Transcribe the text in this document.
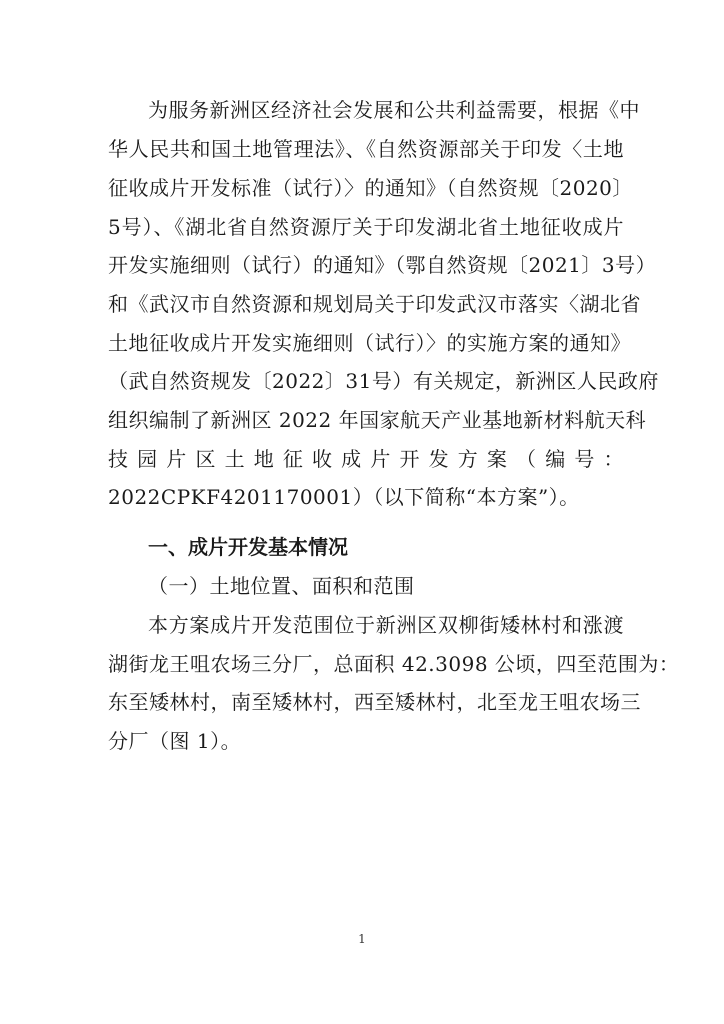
为服务新洲区经济社会发展和公共利益需要，根据《中
华人民共和国土地管理法》、《自然资源部关于印发〈土地
征收成片开发标准（试行）〉的通知》（自然资规〔2020〕
5号）、《湖北省自然资源厅关于印发湖北省土地征收成片
开发实施细则（试行）的通知》（鄂自然资规〔2021〕3号）
和《武汉市自然资源和规划局关于印发武汉市落实〈湖北省
土地征收成片开发实施细则（试行）〉的实施方案的通知》
（武自然资规发〔2022〕31号）有关规定，新洲区人民政府
组织编制了新洲区 2022 年国家航天产业基地新材料航天科
技园片区土地征收成片开发方案（编号：
2022CPKF4201170001）（以下简称“本方案”）。
一、成片开发基本情况
（一）土地位置、面积和范围
本方案成片开发范围位于新洲区双柳街矮林村和涨渡
湖街龙王咀农场三分厂，总面积 42.3098 公顷，四至范围为：
东至矮林村，南至矮林村，西至矮林村，北至龙王咀农场三
分厂（图 1）。
1
